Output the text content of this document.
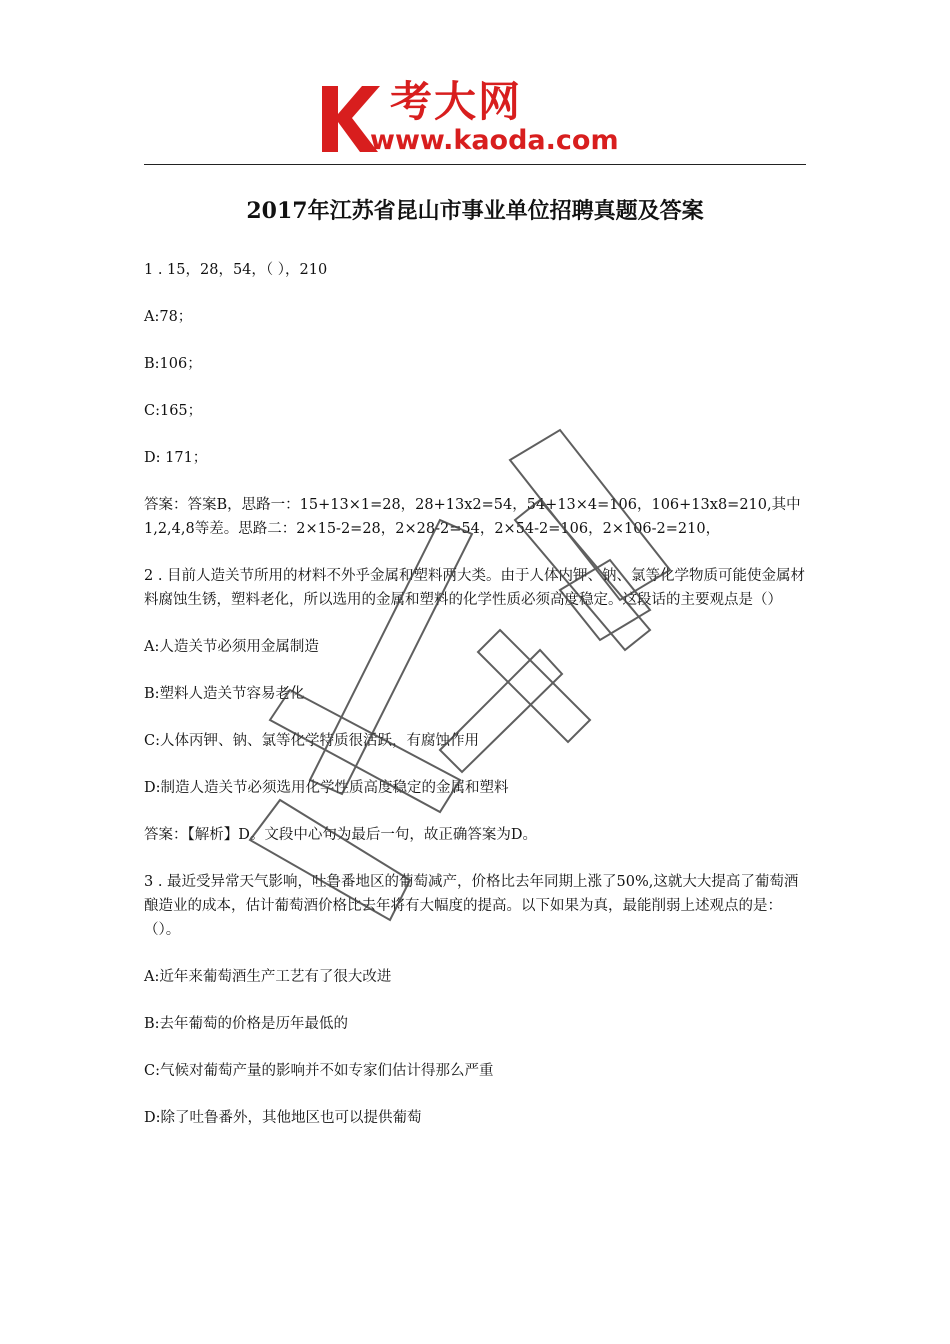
考大网
www.kaoda.com
2017年江苏省昆山市事业单位招聘真题及答案

1 . 15，28，54，（ ），210

A:78；

B:106；

C:165；

D: 171；

答案：答案B，思路一：15+13×1=28，28+13x2=54，54+13×4=106，106+13x8=210,其中1,2,4,8等差。思路二：2×15-2=28，2×28-2=54，2×54-2=106，2×106-2=210，

2 . 目前人造关节所用的材料不外乎金属和塑料两大类。由于人体内钾、钠、氯等化学物质可能使金属材料腐蚀生锈，塑料老化，所以选用的金属和塑料的化学性质必须高度稳定。这段话的主要观点是（）

A:人造关节必须用金属制造

B:塑料人造关节容易老化

C:人体丙钾、钠、氯等化学特质很活跃，有腐蚀作用

D:制造人造关节必须选用化学性质高度稳定的金属和塑料

答案：【解析】D。文段中心句为最后一句，故正确答案为D。

3 . 最近受异常天气影响，吐鲁番地区的葡萄减产，价格比去年同期上涨了50%,这就大大提高了葡萄酒酿造业的成本，估计葡萄酒价格比去年将有大幅度的提高。以下如果为真，最能削弱上述观点的是：（）。

A:近年来葡萄酒生产工艺有了很大改进

B:去年葡萄的价格是历年最低的

C:气候对葡萄产量的影响并不如专家们估计得那么严重

D:除了吐鲁番外，其他地区也可以提供葡萄
